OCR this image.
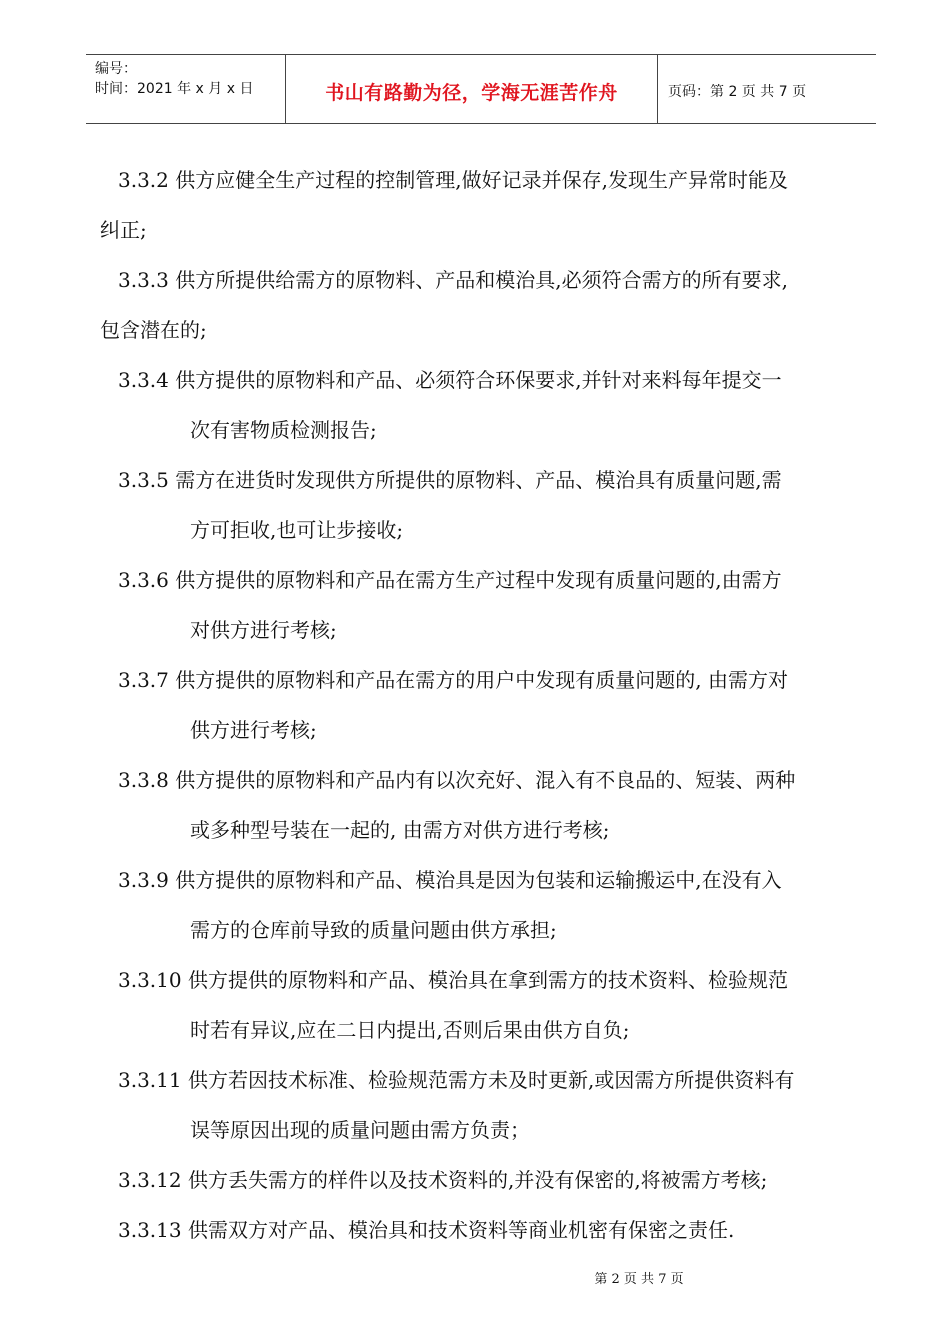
编号：
时间：2021 年 x 月 x 日	书山有路勤为径，学海无涯苦作舟	页码：第 2 页 共 7 页
3.3.2 供方应健全生产过程的控制管理,做好记录并保存,发现生产异常时能及
纠正;
3.3.3 供方所提供给需方的原物料、产品和模治具,必须符合需方的所有要求,
包含潜在的;
3.3.4 供方提供的原物料和产品、必须符合环保要求,并针对来料每年提交一
次有害物质检测报告;
3.3.5 需方在进货时发现供方所提供的原物料、产品、模治具有质量问题,需
方可拒收,也可让步接收;
3.3.6 供方提供的原物料和产品在需方生产过程中发现有质量问题的,由需方
对供方进行考核;
3.3.7 供方提供的原物料和产品在需方的用户中发现有质量问题的, 由需方对
供方进行考核;
3.3.8 供方提供的原物料和产品内有以次充好、混入有不良品的、短装、两种
或多种型号装在一起的, 由需方对供方进行考核;
3.3.9 供方提供的原物料和产品、模治具是因为包装和运输搬运中,在没有入
需方的仓库前导致的质量问题由供方承担;
3.3.10 供方提供的原物料和产品、模治具在拿到需方的技术资料、检验规范
时若有异议,应在二日内提出,否则后果由供方自负;
3.3.11 供方若因技术标准、检验规范需方未及时更新,或因需方所提供资料有
误等原因出现的质量问题由需方负责；
3.3.12 供方丢失需方的样件以及技术资料的,并没有保密的,将被需方考核;
3.3.13 供需双方对产品、模治具和技术资料等商业机密有保密之责任.
第 2 页 共 7 页
